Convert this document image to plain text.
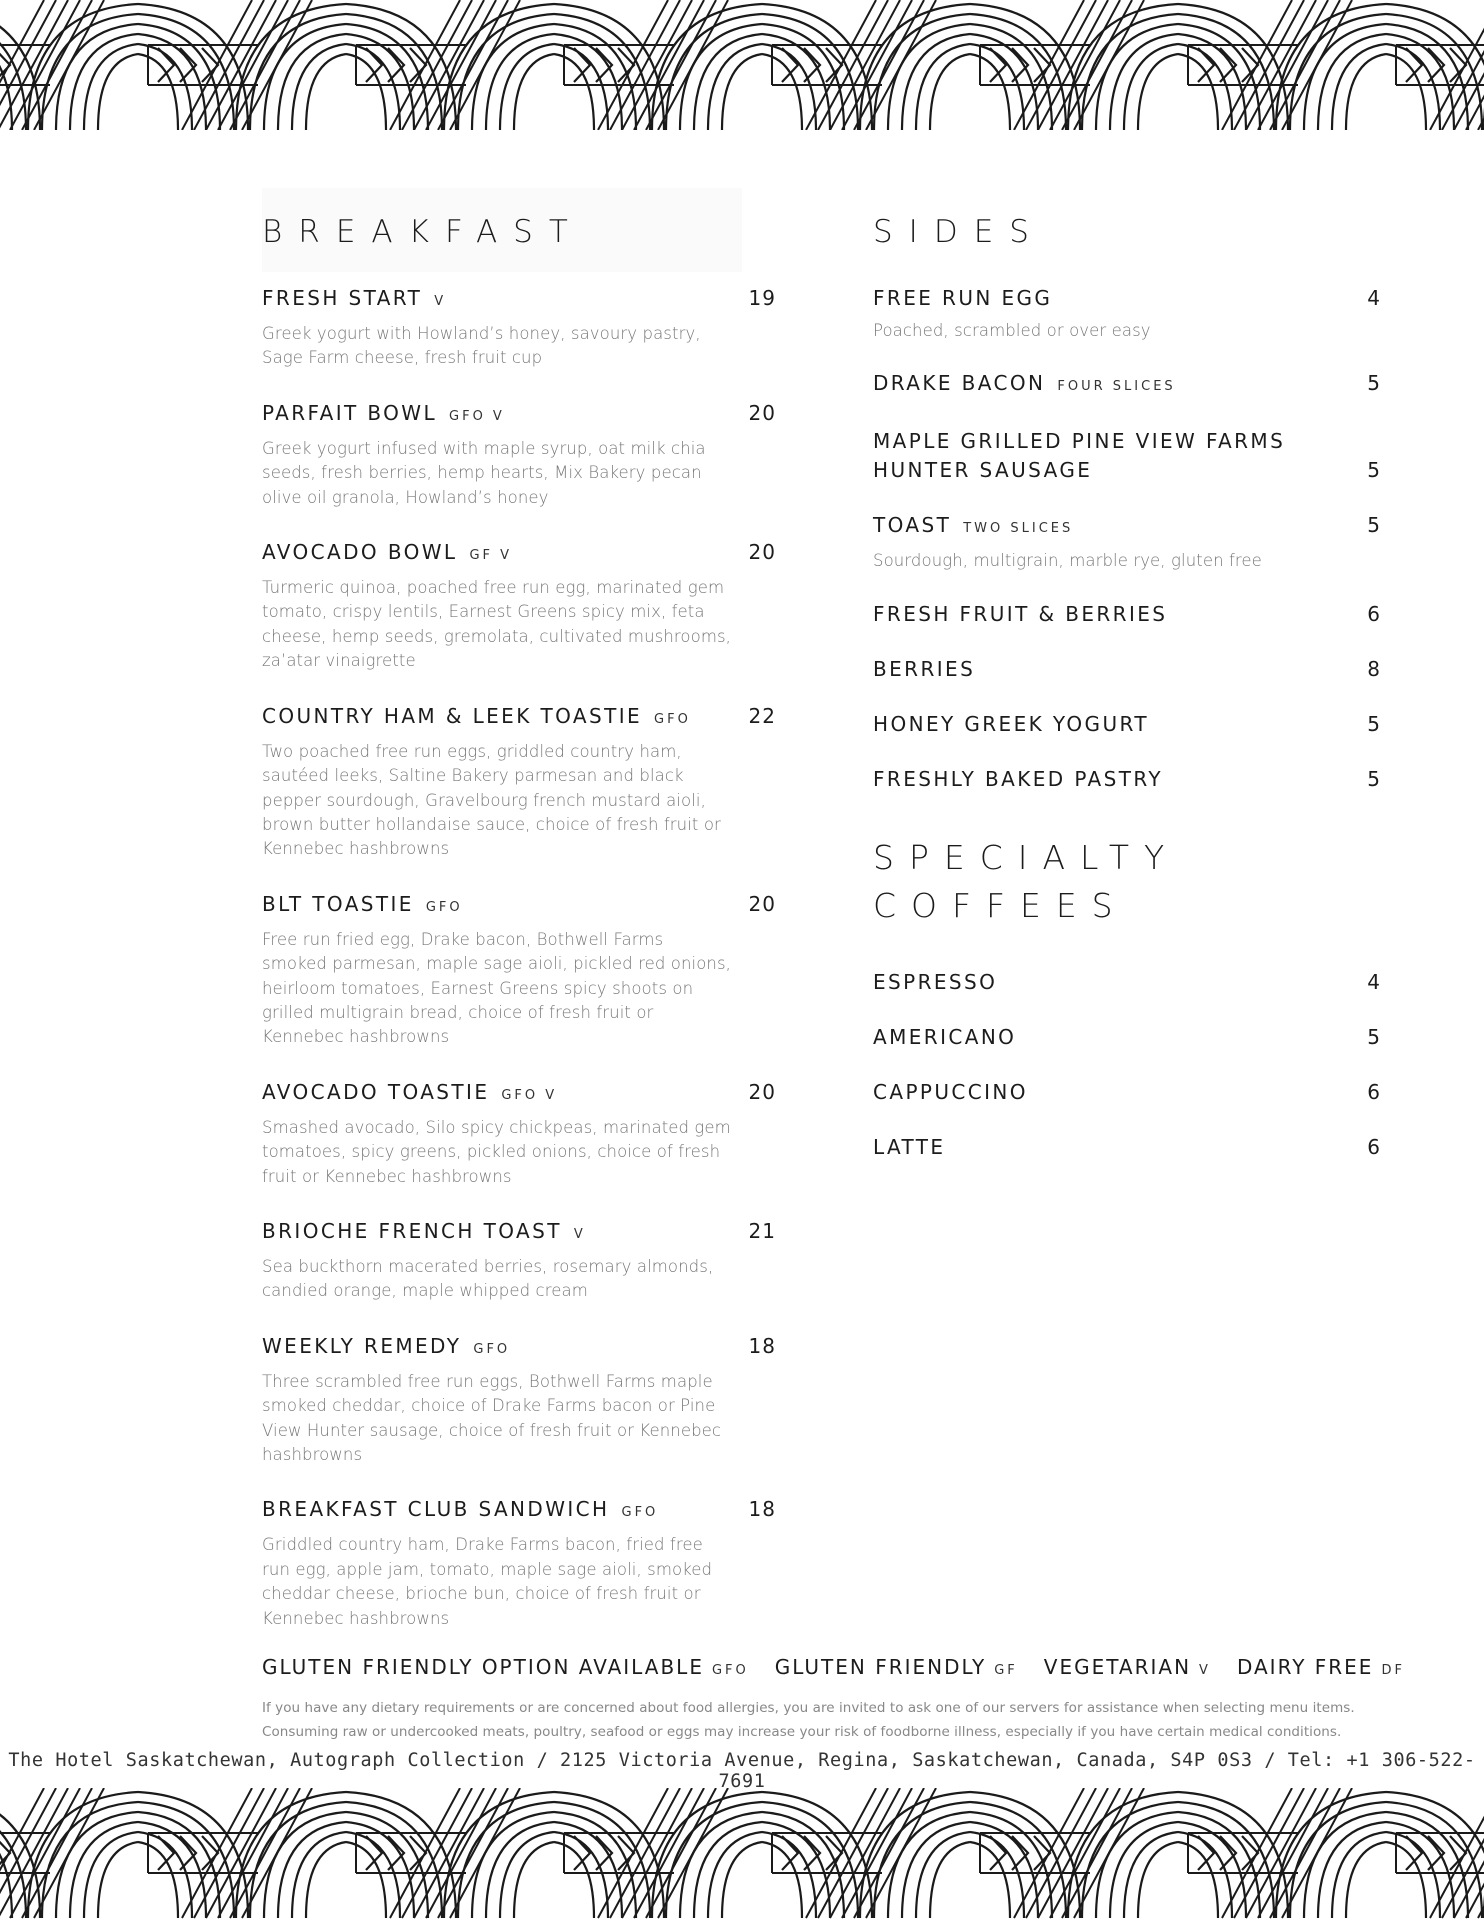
BREAKFAST
FRESH START V	19
Greek yogurt with Howland’s honey, savoury pastry, Sage Farm cheese, fresh fruit cup
PARFAIT BOWL GFO V	20
Greek yogurt infused with maple syrup, oat milk chia seeds, fresh berries, hemp hearts, Mix Bakery pecan olive oil granola, Howland’s honey
AVOCADO BOWL GF V	20
Turmeric quinoa, poached free run egg, marinated gem tomato, crispy lentils, Earnest Greens spicy mix, feta cheese, hemp seeds, gremolata, cultivated mushrooms, za’atar vinaigrette
COUNTRY HAM & LEEK TOASTIE GFO	22
Two poached free run eggs, griddled country ham, sautéed leeks, Saltine Bakery parmesan and black pepper sourdough, Gravelbourg french mustard aioli, brown butter hollandaise sauce, choice of fresh fruit or Kennebec hashbrowns
BLT TOASTIE GFO	20
Free run fried egg, Drake bacon, Bothwell Farms smoked parmesan, maple sage aioli, pickled red onions, heirloom tomatoes, Earnest Greens spicy shoots on grilled multigrain bread, choice of fresh fruit or Kennebec hashbrowns
AVOCADO TOASTIE GFO V	20
Smashed avocado, Silo spicy chickpeas, marinated gem tomatoes, spicy greens, pickled onions, choice of fresh fruit or Kennebec hashbrowns
BRIOCHE FRENCH TOAST V	21
Sea buckthorn macerated berries, rosemary almonds, candied orange, maple whipped cream
WEEKLY REMEDY GFO	18
Three scrambled free run eggs, Bothwell Farms maple smoked cheddar, choice of Drake Farms bacon or Pine View Hunter sausage, choice of fresh fruit or Kennebec hashbrowns
BREAKFAST CLUB SANDWICH GFO	18
Griddled country ham, Drake Farms bacon, fried free run egg, apple jam, tomato, maple sage aioli, smoked cheddar cheese, brioche bun, choice of fresh fruit or Kennebec hashbrowns
SIDES
FREE RUN EGG	4
Poached, scrambled or over easy
DRAKE BACON FOUR SLICES	5
MAPLE GRILLED PINE VIEW FARMS HUNTER SAUSAGE	5
TOAST TWO SLICES	5
Sourdough, multigrain, marble rye, gluten free
FRESH FRUIT & BERRIES	6
BERRIES	8
HONEY GREEK YOGURT	5
FRESHLY BAKED PASTRY	5
SPECIALTY
COFFEES
ESPRESSO	4
AMERICANO	5
CAPPUCCINO	6
LATTE	6
GLUTEN FRIENDLY OPTION AVAILABLE GFO GLUTEN FRIENDLY GF VEGETARIAN V DAIRY FREE DF
If you have any dietary requirements or are concerned about food allergies, you are invited to ask one of our servers for assistance when selecting menu items.
Consuming raw or undercooked meats, poultry, seafood or eggs may increase your risk of foodborne illness, especially if you have certain medical conditions.
The Hotel Saskatchewan, Autograph Collection / 2125 Victoria Avenue, Regina, Saskatchewan, Canada, S4P 0S3 / Tel: +1 306-522-7691
